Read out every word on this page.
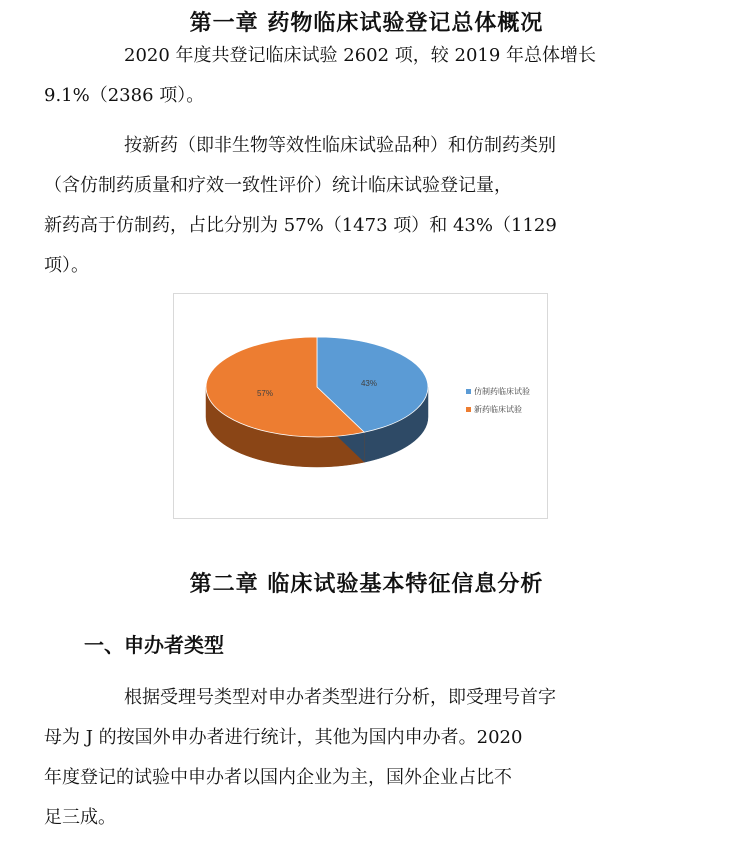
第一章 药物临床试验登记总体概况

2020 年度共登记临床试验 2602 项，较 2019 年总体增长
9.1%（2386 项）。

按新药（即非生物等效性临床试验品种）和仿制药类别
（含仿制药质量和疗效一致性评价）统计临床试验登记量，
新药高于仿制药，占比分别为 57%（1473 项）和 43%（1129
项）。

43%
57%	仿制药临床试验
新药临床试验
第二章 临床试验基本特征信息分析
一、申办者类型

根据受理号类型对申办者类型进行分析，即受理号首字
母为 J 的按国外申办者进行统计，其他为国内申办者。2020
年度登记的试验中申办者以国内企业为主，国外企业占比不
足三成。
